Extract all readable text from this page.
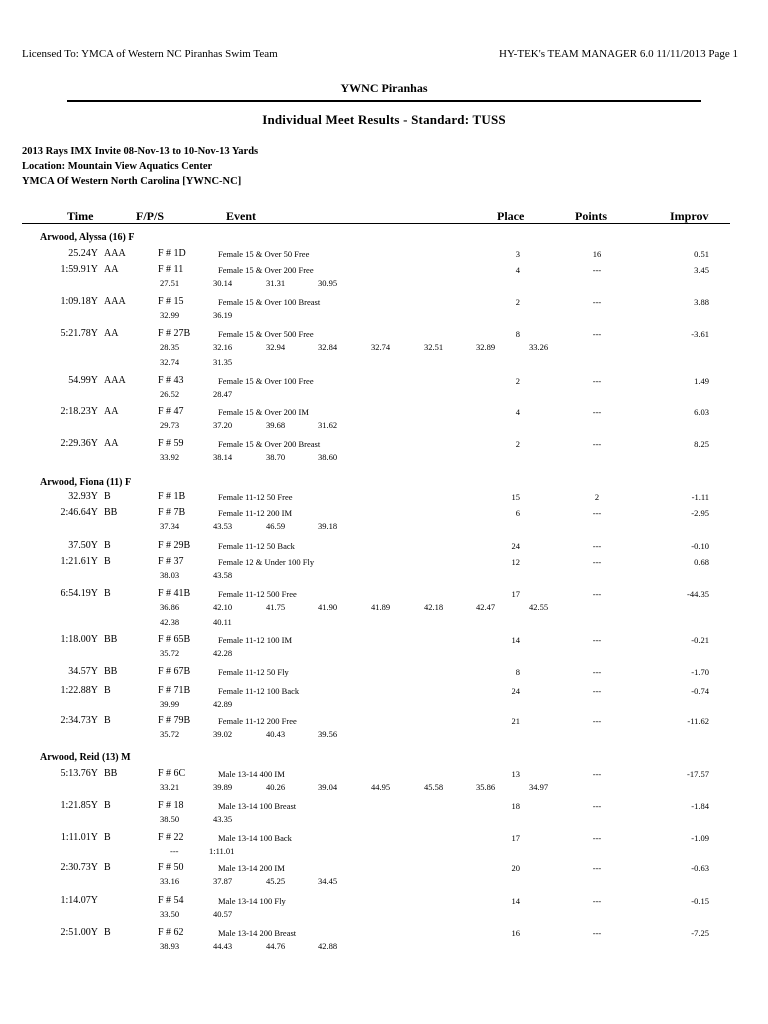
Licensed To: YMCA of Western NC Piranhas Swim Team	HY-TEK's TEAM MANAGER 6.0 11/11/2013 Page 1
YWNC Piranhas
Individual Meet Results - Standard: TUSS
2013 Rays IMX Invite 08-Nov-13 to 10-Nov-13 Yards
Location: Mountain View Aquatics Center
YMCA Of Western North Carolina [YWNC-NC]
Time	F/P/S	Event	Place	Points	Improv
Arwood, Alyssa (16) F
25.24Y AAA	F # 1D	Female 15 & Over 50 Free	3	16	0.51
1:59.91Y AA	F # 11	Female 15 & Over 200 Free	4	---	3.45
27.51	30.14	31.31	30.95
1:09.18Y AAA	F # 15	Female 15 & Over 100 Breast	2	---	3.88
32.99	36.19
5:21.78Y AA	F # 27B	Female 15 & Over 500 Free	8	---	-3.61
28.35	32.16	32.94	32.84	32.74	32.51	32.89	33.26
32.74	31.35
54.99Y AAA	F # 43	Female 15 & Over 100 Free	2	---	1.49
26.52	28.47
2:18.23Y AA	F # 47	Female 15 & Over 200 IM	4	---	6.03
29.73	37.20	39.68	31.62
2:29.36Y AA	F # 59	Female 15 & Over 200 Breast	2	---	8.25
33.92	38.14	38.70	38.60
Arwood, Fiona (11) F
32.93Y B	F # 1B	Female 11-12 50 Free	15	2	-1.11
2:46.64Y BB	F # 7B	Female 11-12 200 IM	6	---	-2.95
37.34	43.53	46.59	39.18
37.50Y B	F # 29B	Female 11-12 50 Back	24	---	-0.10
1:21.61Y B	F # 37	Female 12 & Under 100 Fly	12	---	0.68
38.03	43.58
6:54.19Y B	F # 41B	Female 11-12 500 Free	17	---	-44.35
36.86	42.10	41.75	41.90	41.89	42.18	42.47	42.55
42.38	40.11
1:18.00Y BB	F # 65B	Female 11-12 100 IM	14	---	-0.21
35.72	42.28
34.57Y BB	F # 67B	Female 11-12 50 Fly	8	---	-1.70
1:22.88Y B	F # 71B	Female 11-12 100 Back	24	---	-0.74
39.99	42.89
2:34.73Y B	F # 79B	Female 11-12 200 Free	21	---	-11.62
35.72	39.02	40.43	39.56
Arwood, Reid (13) M
5:13.76Y BB	F # 6C	Male 13-14 400 IM	13	---	-17.57
33.21	39.89	40.26	39.04	44.95	45.58	35.86	34.97
1:21.85Y B	F # 18	Male 13-14 100 Breast	18	---	-1.84
38.50	43.35
1:11.01Y B	F # 22	Male 13-14 100 Back	17	---	-1.09
---	1:11.01
2:30.73Y B	F # 50	Male 13-14 200 IM	20	---	-0.63
33.16	37.87	45.25	34.45
1:14.07Y	F # 54	Male 13-14 100 Fly	14	---	-0.15
33.50	40.57
2:51.00Y B	F # 62	Male 13-14 200 Breast	16	---	-7.25
38.93	44.43	44.76	42.88
